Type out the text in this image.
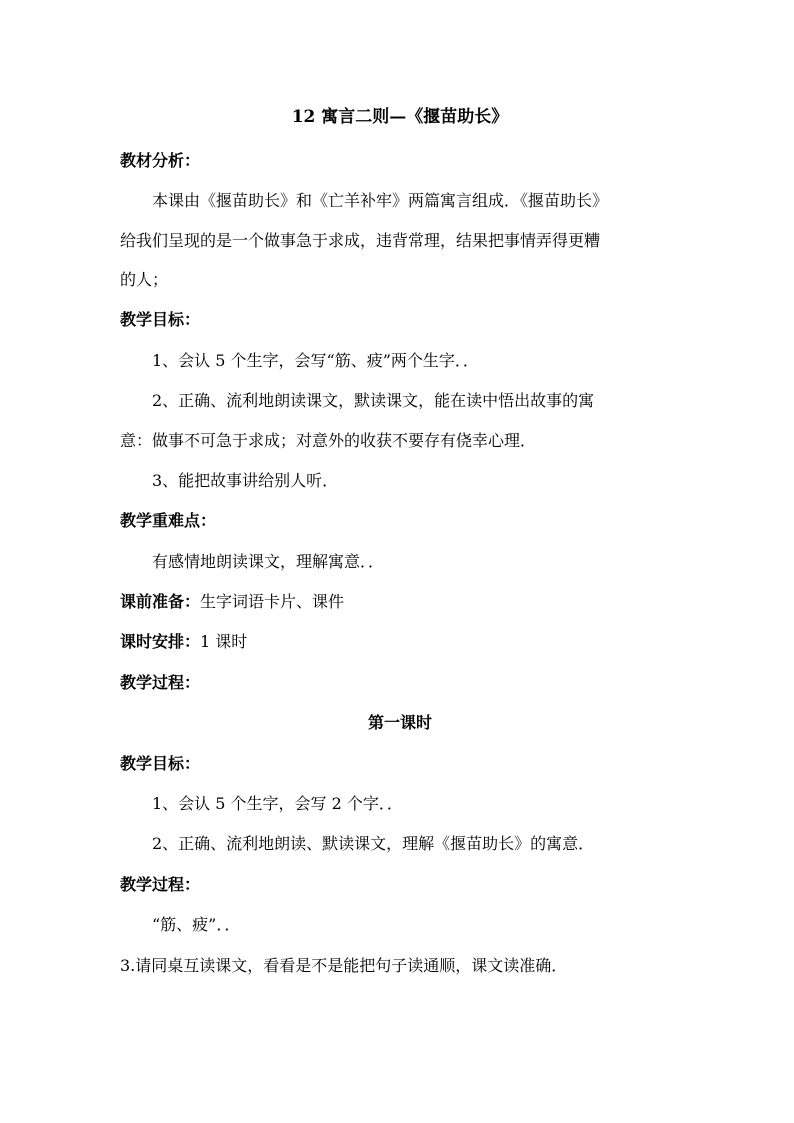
12 寓言二则—《揠苗助长》
教材分析：
本课由《揠苗助长》和《亡羊补牢》两篇寓言组成．《揠苗助长》
给我们呈现的是一个做事急于求成，违背常理，结果把事情弄得更糟
的人；
教学目标：
1、会认 5 个生字，会写“筋、疲”两个生字．．
2、正确、流利地朗读课文，默读课文，能在读中悟出故事的寓
意：做事不可急于求成；对意外的收获不要存有侥幸心理．
3、能把故事讲给别人听．
教学重难点：
有感情地朗读课文，理解寓意．．
课前准备：生字词语卡片、课件
课时安排：1 课时
教学过程：
第一课时
教学目标：
1、会认 5 个生字，会写 2 个字．．
2、正确、流利地朗读、默读课文，理解《揠苗助长》的寓意．
教学过程：
“筋、疲”．．
3.请同桌互读课文，看看是不是能把句子读通顺，课文读准确．
